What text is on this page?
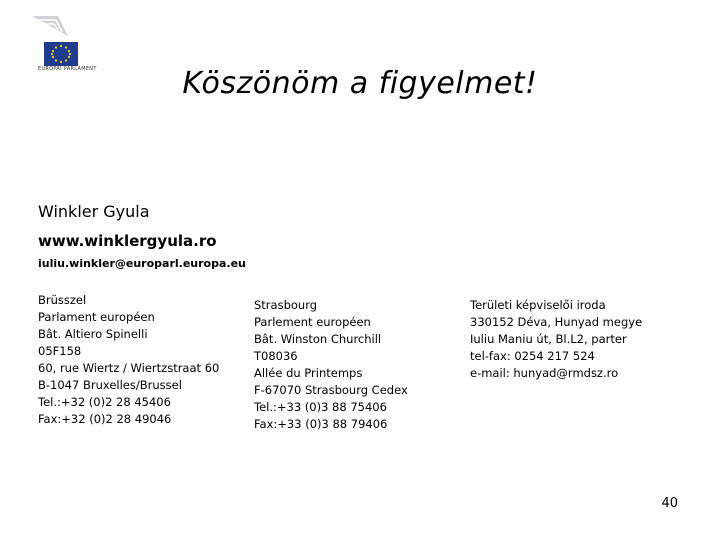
EUROPAI PARLAMENT	Köszönöm a figyelmet!
Winkler Gyula
www.winklergyula.ro
iuliu.winkler@europarl.europa.eu
Brüsszel
Parlament européen
Bât. Altiero Spinelli
05F158
60, rue Wiertz / Wiertzstraat 60
B-1047 Bruxelles/Brussel
Tel.:+32 (0)2 28 45406
Fax:+32 (0)2 28 49046
Strasbourg
Parlement européen
Bât. Winston Churchill
T08036
Allée du Printemps
F-67070 Strasbourg Cedex
Tel.:+33 (0)3 88 75406
Fax:+33 (0)3 88 79406
Területi képviselői iroda
330152 Déva, Hunyad megye
Iuliu Maniu út, Bl.L2, parter
tel-fax: 0254 217 524
e-mail: hunyad@rmdsz.ro
40
